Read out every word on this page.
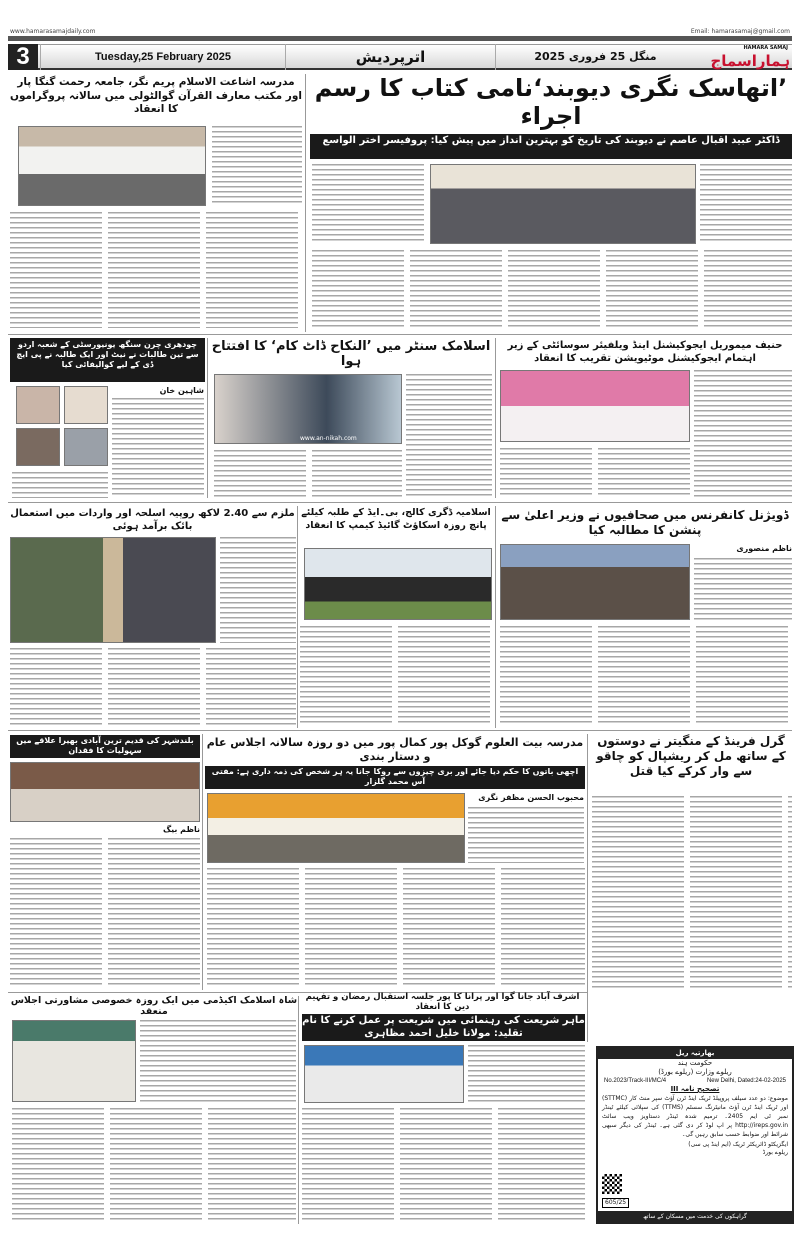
www.hamarasamajdaily.com	Email: hamarasamaj@gmail.com
3	Tuesday,25 February 2025	اترپردیش	منگل 25 فروری 2025
HAMARA SAMAJ
ہماراسماج
’اتھاسک نگری دیوبند‘نامی کتاب کا رسم اجراء
ڈاکٹر عبید اقبال عاصم نے دیوبند کی تاریخ کو بہترین انداز میں پیش کیا: پروفیسر اختر الواسع
مدرسہ اشاعت الاسلام پریم نگر، جامعہ رحمت گنگا پار اور مکتب معارف القرآن گوالٹولی میں سالانہ پروگراموں کا انعقاد
حنیف میموریل ایجوکیشنل اینڈ ویلفیئر سوسائٹی کے زیر اہتمام ایجوکیشنل موٹیویشن تقریب کا انعقاد
اسلامک سنٹر میں ’النکاح ڈاٹ کام‘ کا افتتاح ہوا
www.an-nikah.com
چودھری چرن سنگھ یونیورسٹی کے شعبہ اردو سے تین طالبات نے نیٹ اور ایک طالبہ نے پی ایچ ڈی کے لیے کوالیفائی کیا
شاہین خان
ڈویژنل کانفرنس میں صحافیوں نے وزیر اعلیٰ سے پنشن کا مطالبہ کیا
ناظم منصوری
اسلامیہ ڈگری کالج، بی۔ایڈ کے طلبہ کیلئے پانچ روزہ اسکاؤٹ گائیڈ کیمپ کا انعقاد
ملزم سے 2.40 لاکھ روپیہ اسلحہ اور واردات میں استعمال بائک برآمد ہوئی
گرل فرینڈ کے منگیتر نے دوستوں کے ساتھ مل کر ریشپال کو چاقو سے وار کرکے کیا قتل
مدرسہ بیت العلوم گوکل پور کمال پور میں دو روزہ سالانہ اجلاس عام و دستار بندی
اچھی باتوں کا حکم دیا جائے اور بری چیزوں سے روکا جانا یہ ہر شخص کی ذمہ داری ہے: مفتی آس محمد گلزار
محبوب الحسن مظفر نگری
بلندشہر کی قدیم ترین آبادی بھیرا علاقے میں سہولیات کا فقدان
ناظم بیگ
شاہ اسلامک اکیڈمی میں ایک روزہ خصوصی مشاورتی اجلاس منعقد
اشرف آباد جانا گوا اور پرانا کا پور جلسہ استقبال رمضان و تفہیم دین کا انعقاد
ماہر شریعت کی رہنمائی میں شریعت پر عمل کرنے کا نام تقلید: مولانا خلیل احمد مظاہری
بھارتیہ ریل
حکومت ہند
ریلوے وزارت (ریلوے بورڈ)
No.2023/Track-III/MC/4	New Delhi, Dated:24-02-2025
تصحیح نامہ III
موضوع: دو عدد سیلف پروپیلڈ ٹریک اینڈ ٹرن آؤٹ سپر منٹ کار (STTMC) اور ٹریک اینڈ ٹرن آؤٹ مانیٹرنگ سسٹم (TTMS) کی سپلائی کیلئے ٹینڈر نمبر ٹی ایم 2405۔ ترمیم شدہ ٹینڈر دستاویز ویب سائٹ http://ireps.gov.in پر اپ لوڈ کر دی گئی ہے۔ ٹینڈر کی دیگر سبھی شرائط اور ضوابط حسب سابق رہیں گی۔
ایگزیکٹو ڈائریکٹر ٹریک (ایم اینڈ پی سی)
ریلوے بورڈ
605/25
گراہکوں کی خدمت میں مسکان کے ساتھ
